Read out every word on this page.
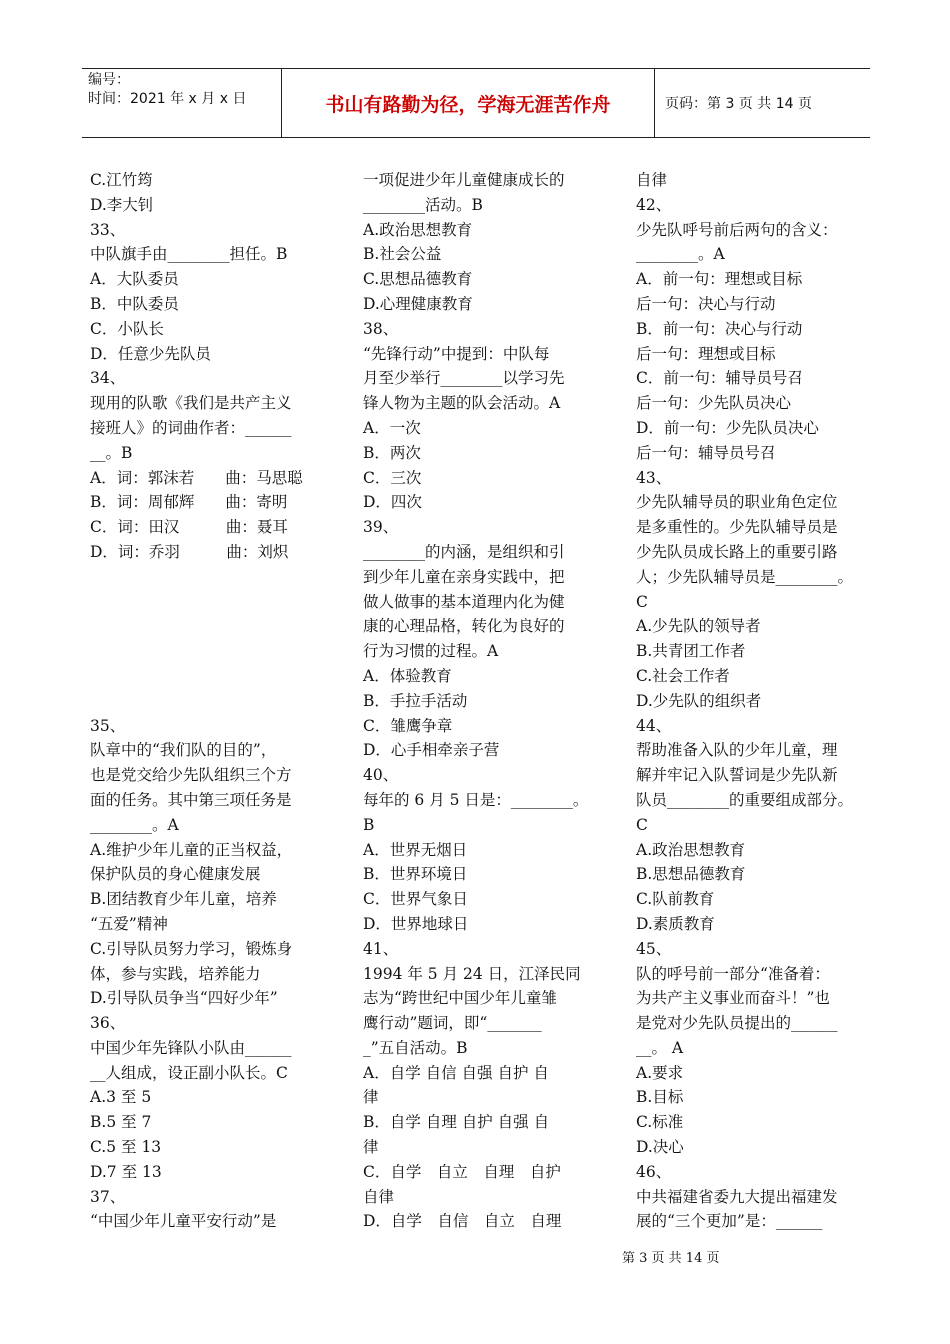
编号：
时间：2021 年 x 月 x 日	书山有路勤为径，学海无涯苦作舟	页码：第 3 页 共 14 页
C.江竹筠
D.李大钊
33、
中队旗手由________担任。B
A．大队委员
B．中队委员
C．小队长
D．任意少先队员
34、
现用的队歌《我们是共产主义
接班人》的词曲作者：______
__。B
A．词：郭沫若　　曲：马思聪
B．词：周郁辉　　曲：寄明
C．词：田汉　　　曲：聂耳
D．词：乔羽　　　曲：刘炽

35、
队章中的“我们队的目的”，
也是党交给少先队组织三个方
面的任务。其中第三项任务是
________。A
A.维护少年儿童的正当权益，
保护队员的身心健康发展
B.团结教育少年儿童，培养
“五爱”精神
C.引导队员努力学习，锻炼身
体，参与实践，培养能力
D.引导队员争当“四好少年”
36、
中国少年先锋队小队由______
__人组成，设正副小队长。C
A.3 至 5
B.5 至 7
C.5 至 13
D.7 至 13
37、
“中国少年儿童平安行动”是
一项促进少年儿童健康成长的
________活动。B
A.政治思想教育
B.社会公益
C.思想品德教育
D.心理健康教育
38、
“先锋行动”中提到：中队每
月至少举行________以学习先
锋人物为主题的队会活动。A
A．一次
B．两次
C．三次
D．四次
39、
________的内涵，是组织和引
到少年儿童在亲身实践中，把
做人做事的基本道理内化为健
康的心理品格，转化为良好的
行为习惯的过程。A
A．体验教育
B．手拉手活动
C．雏鹰争章
D．心手相牵亲子营
40、
每年的 6 月 5 日是：________。
B
A．世界无烟日
B．世界环境日
C．世界气象日
D．世界地球日
41、
1994 年 5 月 24 日，江泽民同
志为“跨世纪中国少年儿童雏
鹰行动”题词，即“_______
_”五自活动。B
A．自学 自信 自强 自护 自
律
B．自学 自理 自护 自强 自
律
C．自学　自立　自理　自护
自律
D．自学　自信　自立　自理
自律
42、
少先队呼号前后两句的含义：
________。A
A．前一句：理想或目标
后一句：决心与行动
B．前一句：决心与行动
后一句：理想或目标
C．前一句：辅导员号召
后一句：少先队员决心
D．前一句：少先队员决心
后一句：辅导员号召
43、
少先队辅导员的职业角色定位
是多重性的。少先队辅导员是
少先队员成长路上的重要引路
人；少先队辅导员是________。
C
A.少先队的领导者
B.共青团工作者
C.社会工作者
D.少先队的组织者
44、
帮助准备入队的少年儿童，理
解并牢记入队誓词是少先队新
队员________的重要组成部分。
C
A.政治思想教育
B.思想品德教育
C.队前教育
D.素质教育
45、
队的呼号前一部分“准备着：
为共产主义事业而奋斗！”也
是党对少先队员提出的______
__。 A
A.要求
B.目标
C.标准
D.决心
46、
中共福建省委九大提出福建发
展的“三个更加”是：______
第 3 页 共 14 页
